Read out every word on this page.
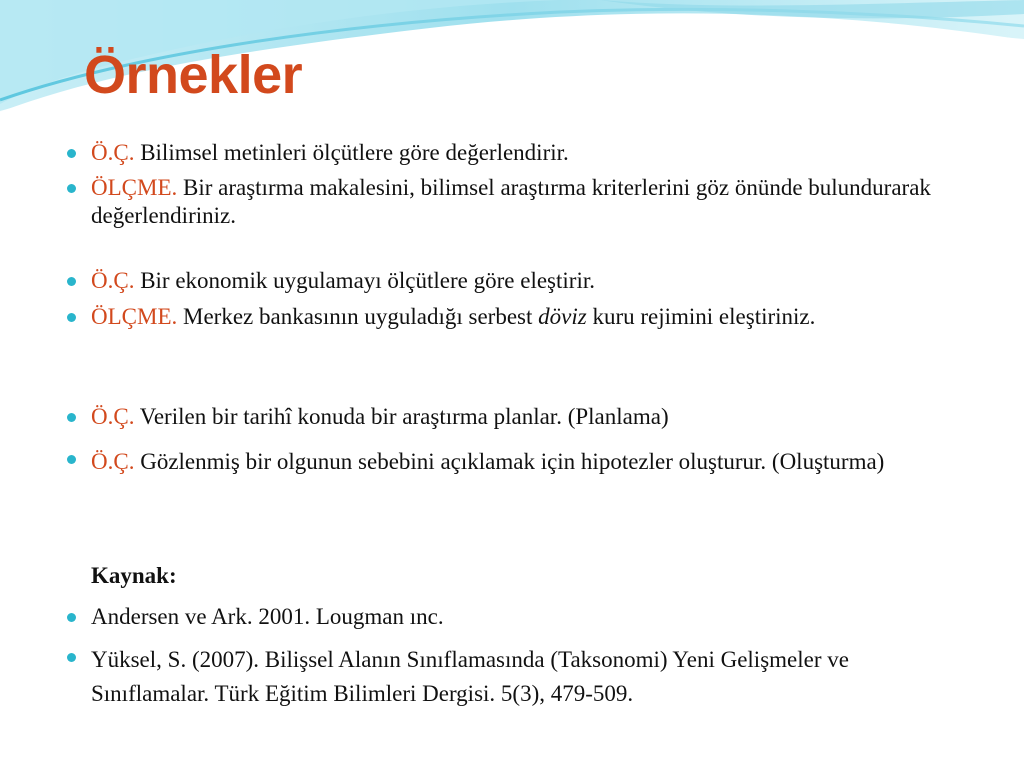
Örnekler
Ö.Ç. Bilimsel metinleri ölçütlere göre değerlendirir.
ÖLÇME. Bir araştırma makalesini, bilimsel araştırma kriterlerini göz önünde bulundurarak değerlendiriniz.
Ö.Ç. Bir ekonomik uygulamayı ölçütlere göre eleştirir.
ÖLÇME. Merkez bankasının uyguladığı serbest döviz kuru rejimini eleştiriniz.
Ö.Ç. Verilen bir tarihî konuda bir araştırma planlar. (Planlama)
Ö.Ç. Gözlenmiş bir olgunun sebebini açıklamak için hipotezler oluşturur. (Oluşturma)
Kaynak:
Andersen ve Ark. 2001. Lougman ınc.
Yüksel, S. (2007). Bilişsel Alanın Sınıflamasında (Taksonomi) Yeni Gelişmeler ve Sınıflamalar. Türk Eğitim Bilimleri Dergisi. 5(3), 479-509.
